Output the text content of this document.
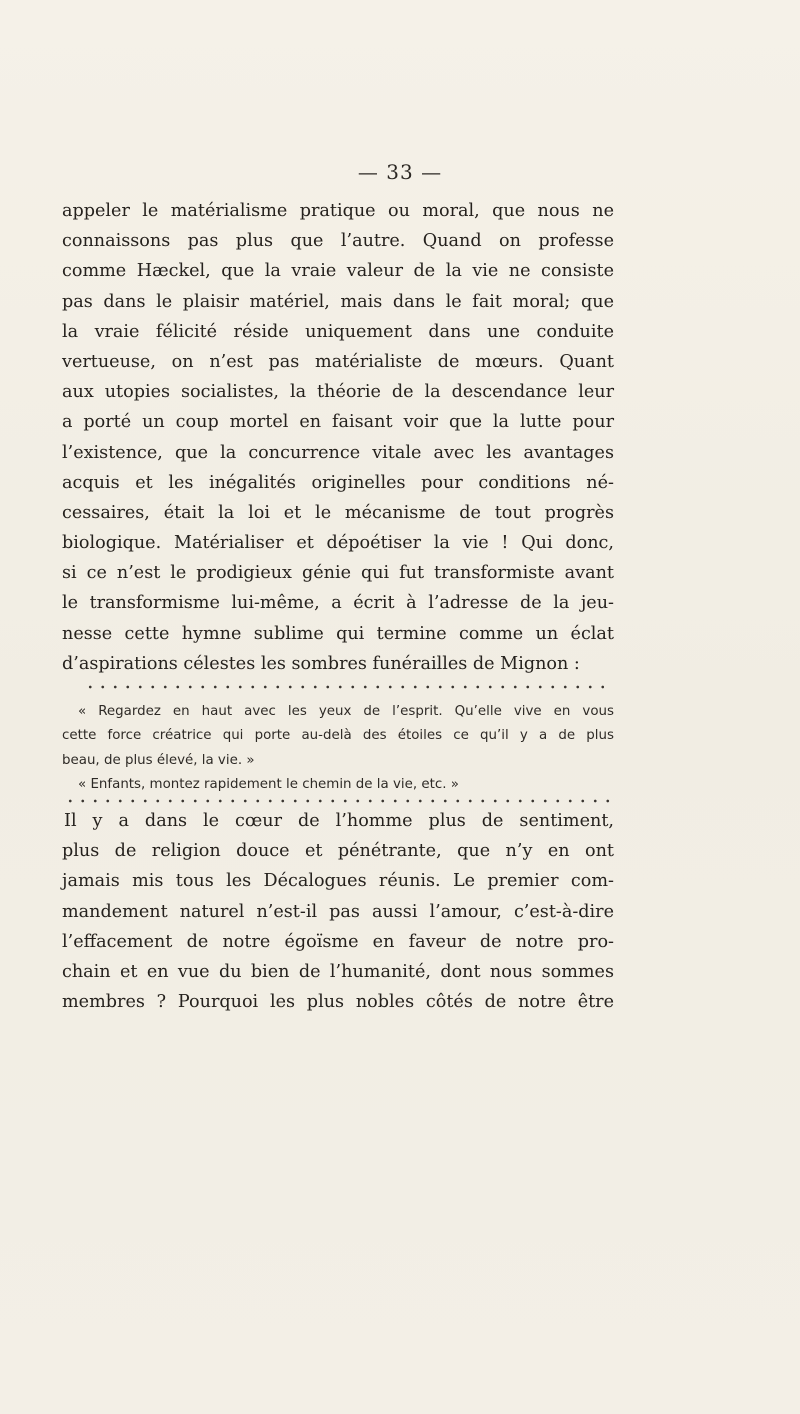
— 33 —
appeler le matérialisme pratique ou moral, que nous ne
connaissons pas plus que l’autre. Quand on professe
comme Hæckel, que la vraie valeur de la vie ne consiste
pas dans le plaisir matériel, mais dans le fait moral; que
la vraie félicité réside uniquement dans une conduite
vertueuse, on n’est pas matérialiste de mœurs. Quant
aux utopies socialistes, la théorie de la descendance leur
a porté un coup mortel en faisant voir que la lutte pour
l’existence, que la concurrence vitale avec les avantages
acquis et les inégalités originelles pour conditions né-
cessaires, était la loi et le mécanisme de tout progrès
biologique. Matérialiser et dépoétiser la vie ! Qui donc,
si ce n’est le prodigieux génie qui fut transformiste avant
le transformisme lui-même, a écrit à l’adresse de la jeu-
nesse cette hymne sublime qui termine comme un éclat
d’aspirations célestes les sombres funérailles de Mignon :
« Regardez en haut avec les yeux de l’esprit. Qu’elle vive en vous
cette force créatrice qui porte au-delà des étoiles ce qu’il y a de plus
beau, de plus élevé, la vie. »
« Enfants, montez rapidement le chemin de la vie, etc. »
Il y a dans le cœur de l’homme plus de sentiment,
plus de religion douce et pénétrante, que n’y en ont
jamais mis tous les Décalogues réunis. Le premier com-
mandement naturel n’est-il pas aussi l’amour, c’est-à-dire
l’effacement de notre égoïsme en faveur de notre pro-
chain et en vue du bien de l’humanité, dont nous sommes
membres ? Pourquoi les plus nobles côtés de notre être
